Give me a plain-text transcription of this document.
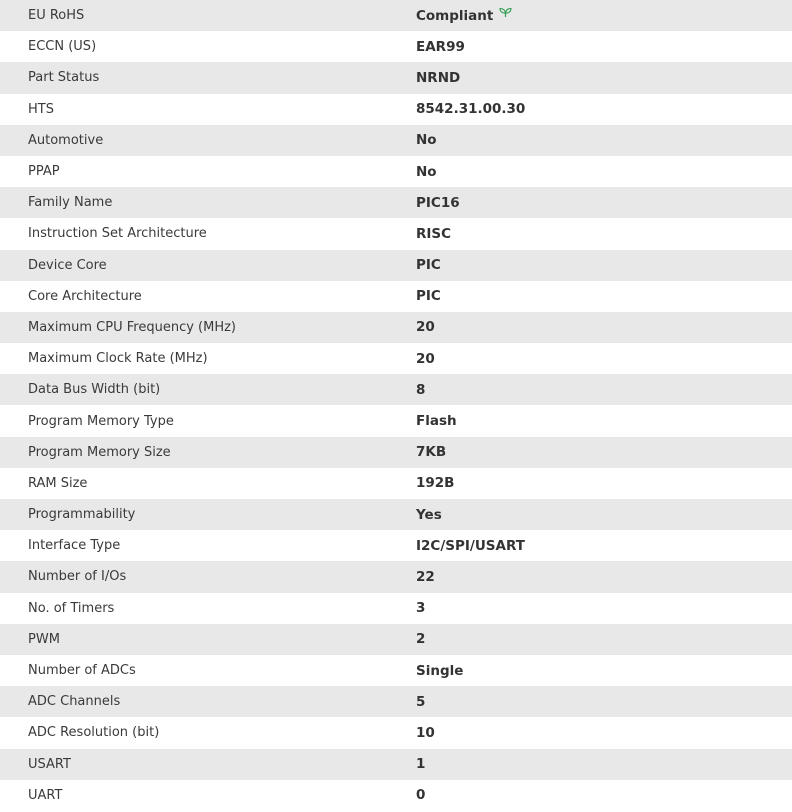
EU RoHS	Compliant
ECCN (US)	EAR99
Part Status	NRND
HTS	8542.31.00.30
Automotive	No
PPAP	No
Family Name	PIC16
Instruction Set Architecture	RISC
Device Core	PIC
Core Architecture	PIC
Maximum CPU Frequency (MHz)	20
Maximum Clock Rate (MHz)	20
Data Bus Width (bit)	8
Program Memory Type	Flash
Program Memory Size	7KB
RAM Size	192B
Programmability	Yes
Interface Type	I2C/SPI/USART
Number of I/Os	22
No. of Timers	3
PWM	2
Number of ADCs	Single
ADC Channels	5
ADC Resolution (bit)	10
USART	1
UART	0
